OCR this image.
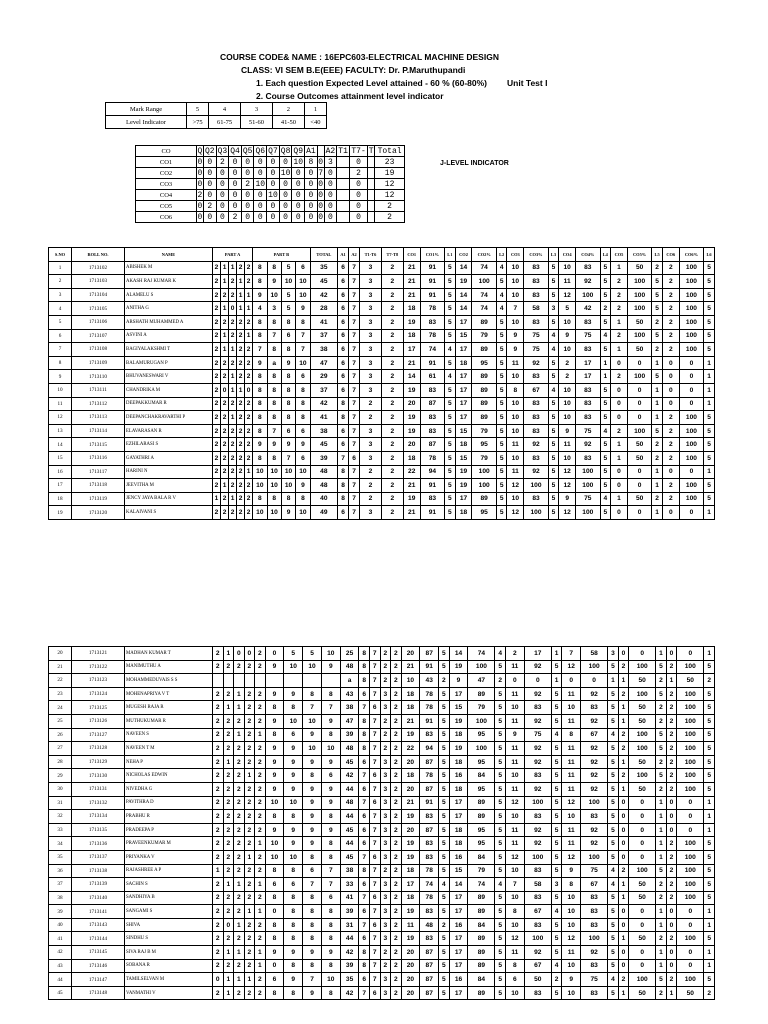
COURSE CODE& NAME : 16EPC603-ELECTRICAL MACHINE DESIGN
CLASS: VI SEM B.E(EEE) FACULTY: Dr. P.Maruthupandi
1. Each question Expected Level attained - 60 % (60-80%) Unit Test I
2. Course Outcomes attainment level indicator
Mark Range	5	4	3	2	1
Level Indicator	>75	61-75	51-60	41-50	<40
CO	Q	Q2	Q3	Q4	Q5	Q6	Q7	Q8	Q9	A1		A2	T1	T7-	T	Total
CO1	0	0	2	0	0	0	0	0	10	8	0	3		0		23
CO2	0	0	0	0	0	0	0	10	0	0	7	0		2		19
CO3	0	0	0	0	2	10	0	0	0	0	0	0		0		12
CO4	2	0	0	0	0	0	10	0	0	0	0	0		0		12
CO5	0	2	0	0	0	0	0	0	0	0	0	0		0		2
CO6	0	0	0	2	0	0	0	0	0	0	0	0		0		2
J-LEVEL INDICATOR
S.NO	ROLL NO.	NAME	PART A					PART B				TOTAL	A1	A2	T1-T6	T7-T8	CO1	CO1%	L1	CO2	CO2%	L2	CO3	CO3%	L3	CO4	CO4%	L4	CO5	CO5%	L5	CO6	CO6%	L6
1	1713102	ABISHEK M	2	1	1	2	2	8	8	5	6	35	6	7	3	2	21	91	5	14	74	4	10	83	5	10	83	5	1	50	2	2	100	5
2	1713103	AKASH RAJ KUMAR K	2	1	2	1	2	8	9	10	10	45	6	7	3	2	21	91	5	19	100	5	10	83	5	11	92	5	2	100	5	2	100	5
3	1713104	ALAMELU S	2	2	2	1	1	9	10	5	10	42	6	7	3	2	21	91	5	14	74	4	10	83	5	12	100	5	2	100	5	2	100	5
4	1713105	ANITHA G	2	1	0	1	1	4	3	5	9	28	6	7	3	2	18	78	5	14	74	4	7	58	3	5	42	2	2	100	5	2	100	5
5	1713106	ARSHATH MUHAMMED A	2	2	2	2	2	8	8	8	8	41	6	7	3	2	19	83	5	17	89	5	10	83	5	10	83	5	1	50	2	2	100	5
6	1713107	ASVINI A	2	1	2	2	1	8	7	6	7	37	6	7	3	2	18	78	5	15	79	5	9	75	4	9	75	4	2	100	5	2	100	5
7	1713108	BAGIYALAKSHMI T	2	1	1	2	2	7	8	8	7	38	6	7	3	2	17	74	4	17	89	5	9	75	4	10	83	5	1	50	2	2	100	5
8	1713109	BALAMURUGAN P	2	2	2	2	2	9	a	9	10	47	6	7	3	2	21	91	5	18	95	5	11	92	5	2	17	1	0	0	1	0	0	1
9	1713110	BHUVANESWARI V	2	2	1	2	2	8	8	8	6	29	6	7	3	2	14	61	4	17	89	5	10	83	5	2	17	1	2	100	5	0	0	1
10	1713111	CHANDRIKA M	2	0	1	1	0	8	8	8	8	37	6	7	3	2	19	83	5	17	89	5	8	67	4	10	83	5	0	0	1	0	0	1
11	1713112	DEEPAKKUMAR R	2	2	2	2	2	8	8	8	8	42	8	7	2	2	20	87	5	17	89	5	10	83	5	10	83	5	0	0	1	0	0	1
12	1713113	DEEPANCHAKRAVARTHI P	2	2	1	2	2	8	8	8	8	41	8	7	2	2	19	83	5	17	89	5	10	83	5	10	83	5	0	0	1	2	100	5
13	1713114	ELAVARASAN R	2	2	2	2	2	8	7	6	6	38	6	7	3	2	19	83	5	15	79	5	10	83	5	9	75	4	2	100	5	2	100	5
14	1713115	EZHILARASI S	2	2	2	2	2	9	9	9	9	45	6	7	3	2	20	87	5	18	95	5	11	92	5	11	92	5	1	50	2	2	100	5
15	1713116	GAYATHRI A	2	2	2	2	2	8	8	7	6	39	7	6	3	2	18	78	5	15	79	5	10	83	5	10	83	5	1	50	2	2	100	5
16	1713117	HARINI N	2	2	2	2	1	10	10	10	10	48	8	7	2	2	22	94	5	19	100	5	11	92	5	12	100	5	0	0	1	0	0	1
17	1713118	JEEVITHA M	2	1	2	2	2	10	10	10	9	48	8	7	2	2	21	91	5	19	100	5	12	100	5	12	100	5	0	0	1	2	100	5
18	1713119	JENCY JAYA BALA R V	1	2	1	2	2	8	8	8	8	40	8	7	2	2	19	83	5	17	89	5	10	83	5	9	75	4	1	50	2	2	100	5
19	1713120	KALAIVANI S	2	2	2	2	2	10	10	9	10	49	6	7	3	2	21	91	5	18	95	5	12	100	5	12	100	5	0	0	1	0	0	1
20	1713121	MADHAN KUMAR T	2	1	0	0	2	0	5	5	10	25	8	7	2	2	20	87	5	14	74	4	2	17	1	7	58	3	0	0	1	0	0	1
21	1713122	MANIMUTHU A	2	2	2	2	2	9	10	10	9	48	8	7	2	2	21	91	5	19	100	5	11	92	5	12	100	5	2	100	5	2	100	5
22	1713123	MOHAMMEDUVAIS S S										a	8	7	2	2	10	43	2	9	47	2	0	0	1	0	0	1	1	50	2	1	50	2
23	1713124	MOHENAPRIYA V T	2	2	1	2	2	9	9	8	8	43	6	7	3	2	18	78	5	17	89	5	11	92	5	11	92	5	2	100	5	2	100	5
24	1713125	MUGESH RAJA R	2	1	1	2	2	8	8	7	7	38	7	6	3	2	18	78	5	15	79	5	10	83	5	10	83	5	1	50	2	2	100	5
25	1713126	MUTHUKUMAR R	2	2	2	2	2	9	10	10	9	47	8	7	2	2	21	91	5	19	100	5	11	92	5	11	92	5	1	50	2	2	100	5
26	1713127	NAVEEN S	2	2	1	2	1	8	6	9	8	39	8	7	2	2	19	83	5	18	95	5	9	75	4	8	67	4	2	100	5	2	100	5
27	1713128	NAVEEN T M	2	2	2	2	2	9	9	10	10	48	8	7	2	2	22	94	5	19	100	5	11	92	5	11	92	5	2	100	5	2	100	5
28	1713129	NEHA P	2	1	2	2	2	9	9	9	9	45	6	7	3	2	20	87	5	18	95	5	11	92	5	11	92	5	1	50	2	2	100	5
29	1713130	NICHOLAS EDWIN	2	2	2	1	2	9	9	8	6	42	7	6	3	2	18	78	5	16	84	5	10	83	5	11	92	5	2	100	5	2	100	5
30	1713131	NIVEDHA G	2	2	2	2	2	9	9	9	9	44	6	7	3	2	20	87	5	18	95	5	11	92	5	11	92	5	1	50	2	2	100	5
31	1713132	PAVITHRA D	2	2	2	2	2	10	10	9	9	48	7	6	3	2	21	91	5	17	89	5	12	100	5	12	100	5	0	0	1	0	0	1
32	1713134	PRABHU R	2	2	2	2	2	8	8	9	8	44	6	7	3	2	19	83	5	17	89	5	10	83	5	10	83	5	0	0	1	0	0	1
33	1713135	PRADEEPA P	2	2	2	2	2	9	9	9	9	45	6	7	3	2	20	87	5	18	95	5	11	92	5	11	92	5	0	0	1	0	0	1
34	1713136	PRAVEENKUMAR M	2	2	2	2	1	10	9	9	8	44	6	7	3	2	19	83	5	18	95	5	11	92	5	11	92	5	0	0	1	2	100	5
35	1713137	PRIYANKA V	2	2	2	1	2	10	10	8	8	45	7	6	3	2	19	83	5	16	84	5	12	100	5	12	100	5	0	0	1	2	100	5
36	1713138	RAJASHREE A P	1	2	2	2	2	8	8	6	7	38	8	7	2	2	18	78	5	15	79	5	10	83	5	9	75	4	2	100	5	2	100	5
37	1713139	SACHIN S	2	1	1	2	1	6	6	7	7	33	6	7	3	2	17	74	4	14	74	4	7	58	3	8	67	4	1	50	2	2	100	5
38	1713140	SANDHIYA B	2	2	2	2	2	8	8	8	6	41	7	6	3	2	18	78	5	17	89	5	10	83	5	10	83	5	1	50	2	2	100	5
39	1713141	SANGAMI S	2	2	2	1	1	0	8	8	8	39	6	7	3	2	19	83	5	17	89	5	8	67	4	10	83	5	0	0	1	0	0	1
40	1713143	SHIVA	2	0	1	2	2	8	8	8	8	31	7	6	3	2	11	48	2	16	84	5	10	83	5	10	83	5	0	0	1	0	0	1
41	1713144	SINDHU S	2	2	2	2	2	8	8	8	8	44	6	7	3	2	19	83	5	17	89	5	12	100	5	12	100	5	1	50	2	2	100	5
42	1713145	SIVA RAJ B M	2	1	1	2	1	9	9	9	9	42	8	7	2	2	20	87	5	17	89	5	11	92	5	11	92	5	0	0	1	0	0	1
43	1713146	SOBANA R	2	2	2	2	1	0	8	8	8	39	8	7	2	2	20	87	5	17	89	5	8	67	4	10	83	5	0	0	1	0	0	1
44	1713147	TAMILSELVAN M	0	1	1	1	2	6	9	7	10	35	6	7	3	2	20	87	5	16	84	5	6	50	2	9	75	4	2	100	5	2	100	5
45	1713148	VANMATHI V	2	1	2	2	2	8	8	9	8	42	7	6	3	2	20	87	5	17	89	5	10	83	5	10	83	5	1	50	2	1	50	2
